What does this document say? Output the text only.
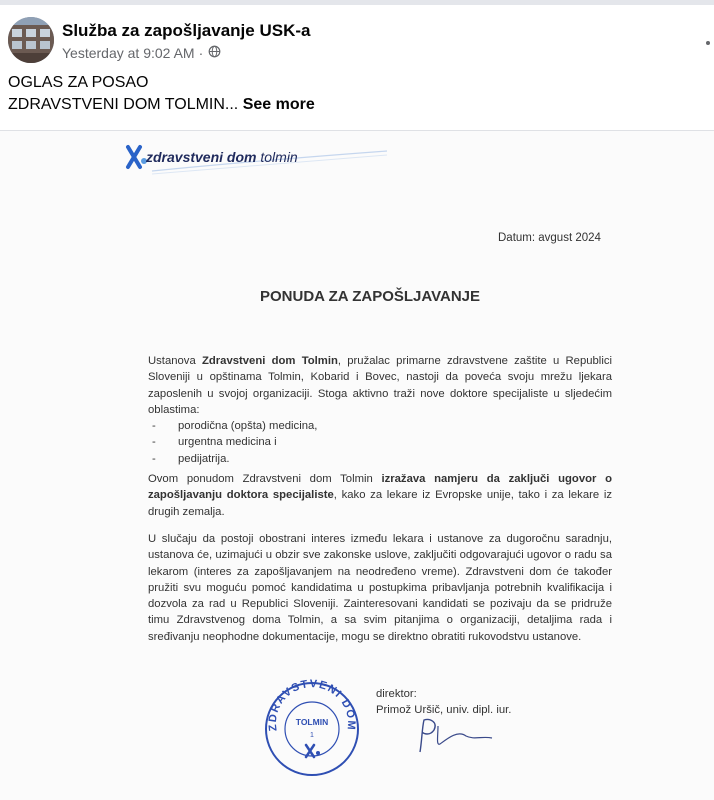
Služba za zapošljavanje USK-a
Yesterday at 9:02 AM ·
OGLAS ZA POSAO
ZDRAVSTVENI DOM TOLMIN... See more
zdravstveni dom tolmin
Datum: avgust 2024
PONUDA ZA ZAPOŠLJAVANJE
Ustanova Zdravstveni dom Tolmin, pružalac primarne zdravstvene zaštite u Republici Sloveniji u opštinama Tolmin, Kobarid i Bovec, nastoji da poveća svoju mrežu ljekara zaposlenih u svojoj organizaciji. Stoga aktivno traži nove doktore specijaliste u sljedećim oblastima:
- porodična (opšta) medicina,
- urgentna medicina i
- pedijatrija.
Ovom ponudom Zdravstveni dom Tolmin izražava namjeru da zaključi ugovor o zapošljavanju doktora specijaliste, kako za lekare iz Evropske unije, tako i za lekare iz drugih zemalja.
U slučaju da postoji obostrani interes između lekara i ustanove za dugoročnu saradnju, ustanova će, uzimajući u obzir sve zakonske uslove, zaključiti odgovarajući ugovor o radu sa lekarom (interes za zapošljavanjem na neodređeno vreme). Zdravstveni dom će također pružiti svu moguću pomoć kandidatima u postupkima pribavljanja potrebnih kvalifikacija i dozvola za rad u Republici Sloveniji. Zainteresovani kandidati se pozivaju da se pridruže timu Zdravstvenog doma Tolmin, a sa svim pitanjima o organizaciji, detaljima rada i sređivanju neophodne dokumentacije, mogu se direktno obratiti rukovodstvu ustanove.
ZDRAVSTVENI DOM
TOLMIN
1
direktor:
Primož Uršič, univ. dipl. iur.
